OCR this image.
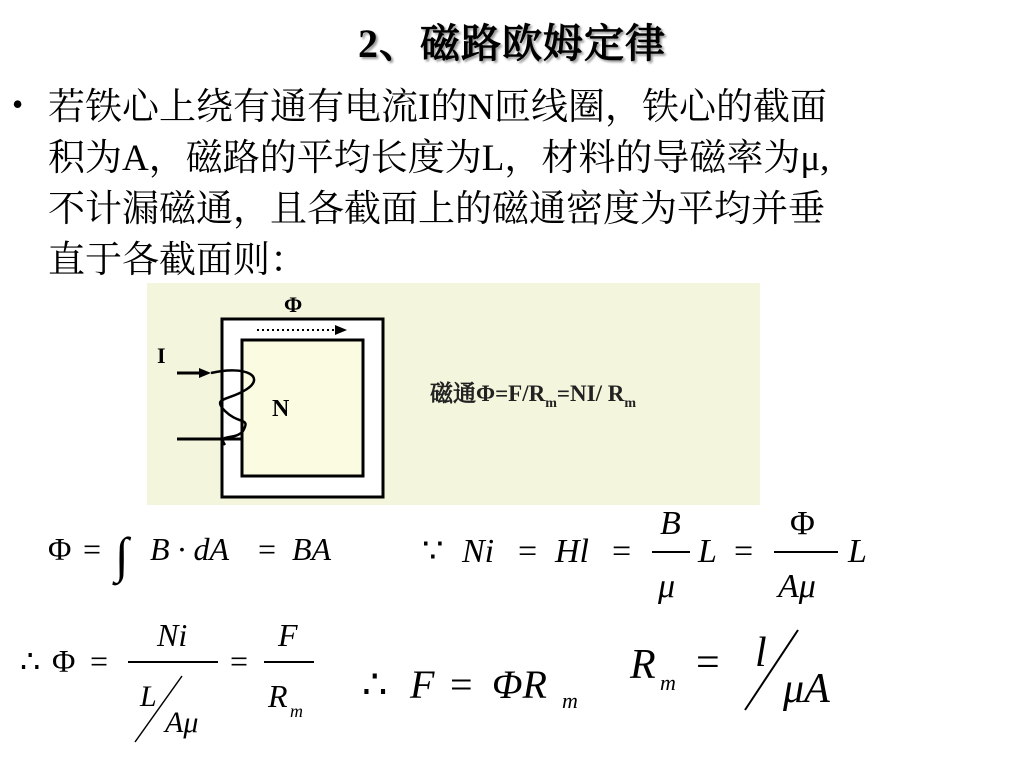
2、磁路欧姆定律
• 若铁心上绕有通有电流I的N匝线圈，铁心的截面
积为A，磁路的平均长度为L，材料的导磁率为μ,
不计漏磁通，且各截面上的磁通密度为平均并垂
直于各截面则：
Φ
I
N
磁通$\Phi=F/R_m=NI/$ $R_m$
Φ = ∫ B · dA = BA	∵ Ni = Hl =
B
μ
L =
Φ
Aμ
L
∴ Φ =
Ni
L
Aμ
=
F
R m
∴ F = ΦR m
R m = l
μA
